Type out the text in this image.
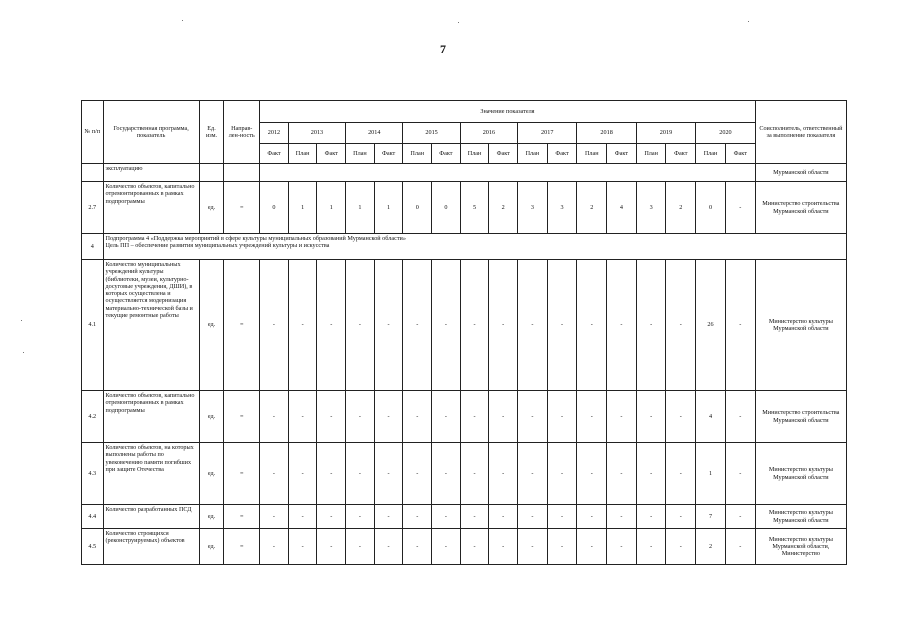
7
№ п/п	Государственная программа, показатель	Ед. изм.	Направ-лен-ность	Значение показателя																	Соисполнитель, ответственный за выполнение показателя
				2012	2013		2014		2015		2016		2017		2018		2019		2020		
				Факт	План	Факт	План	Факт	План	Факт	План	Факт	План	Факт	План	Факт	План	Факт	План	Факт	
	эксплуатацию																				Мурманской области
2.7	Количество объектов, капитально отремонтированных в рамках подпрограммы	ед.	=	0	1	1	1	1	0	0	5	2	3	3	2	4	3	2	0	-	Министерство строительства Мурманской области
4	Подпрограмма 4 «Поддержка мероприятий в сфере культуры муниципальных образований Мурманской области»
Цель ПП – обеспечение развития муниципальных учреждений культуры и искусства																				

4.1	Количество муниципальных учреждений культуры (библиотеки, музеи, культурно-досуговые учреждения, ДШИ), в которых осуществлена и осуществляется модернизация материально-технической базы и текущие ремонтные работы	ед.	=	-	-	-	-	-	-	-	-	-	-	-	-	-	-	-	26	-	Министерство культуры Мурманской области
4.2	Количество объектов, капитально отремонтированных в рамках подпрограммы	ед.	=	-	-	-	-	-	-	-	-	-	-	-	-	-	-	-	4	-	Министерство строительства Мурманской области
4.3	Количество объектов, на которых выполнены работы по увековечению памяти погибших при защите Отечества	ед.	=	-	-	-	-	-	-	-	-	-	-	-	-	-	-	-	1	-	Министерство культуры Мурманской области
4.4	Количество разработанных ПСД	ед.	=	-	-	-	-	-	-	-	-	-	-	-	-	-	-	-	7	-	Министерство культуры Мурманской области
4.5	Количество строящихся (реконструируемых) объектов	ед.	=	-	-	-	-	-	-	-	-	-	-	-	-	-	-	-	2	-	Министерство культуры Мурманской области, Министерство
